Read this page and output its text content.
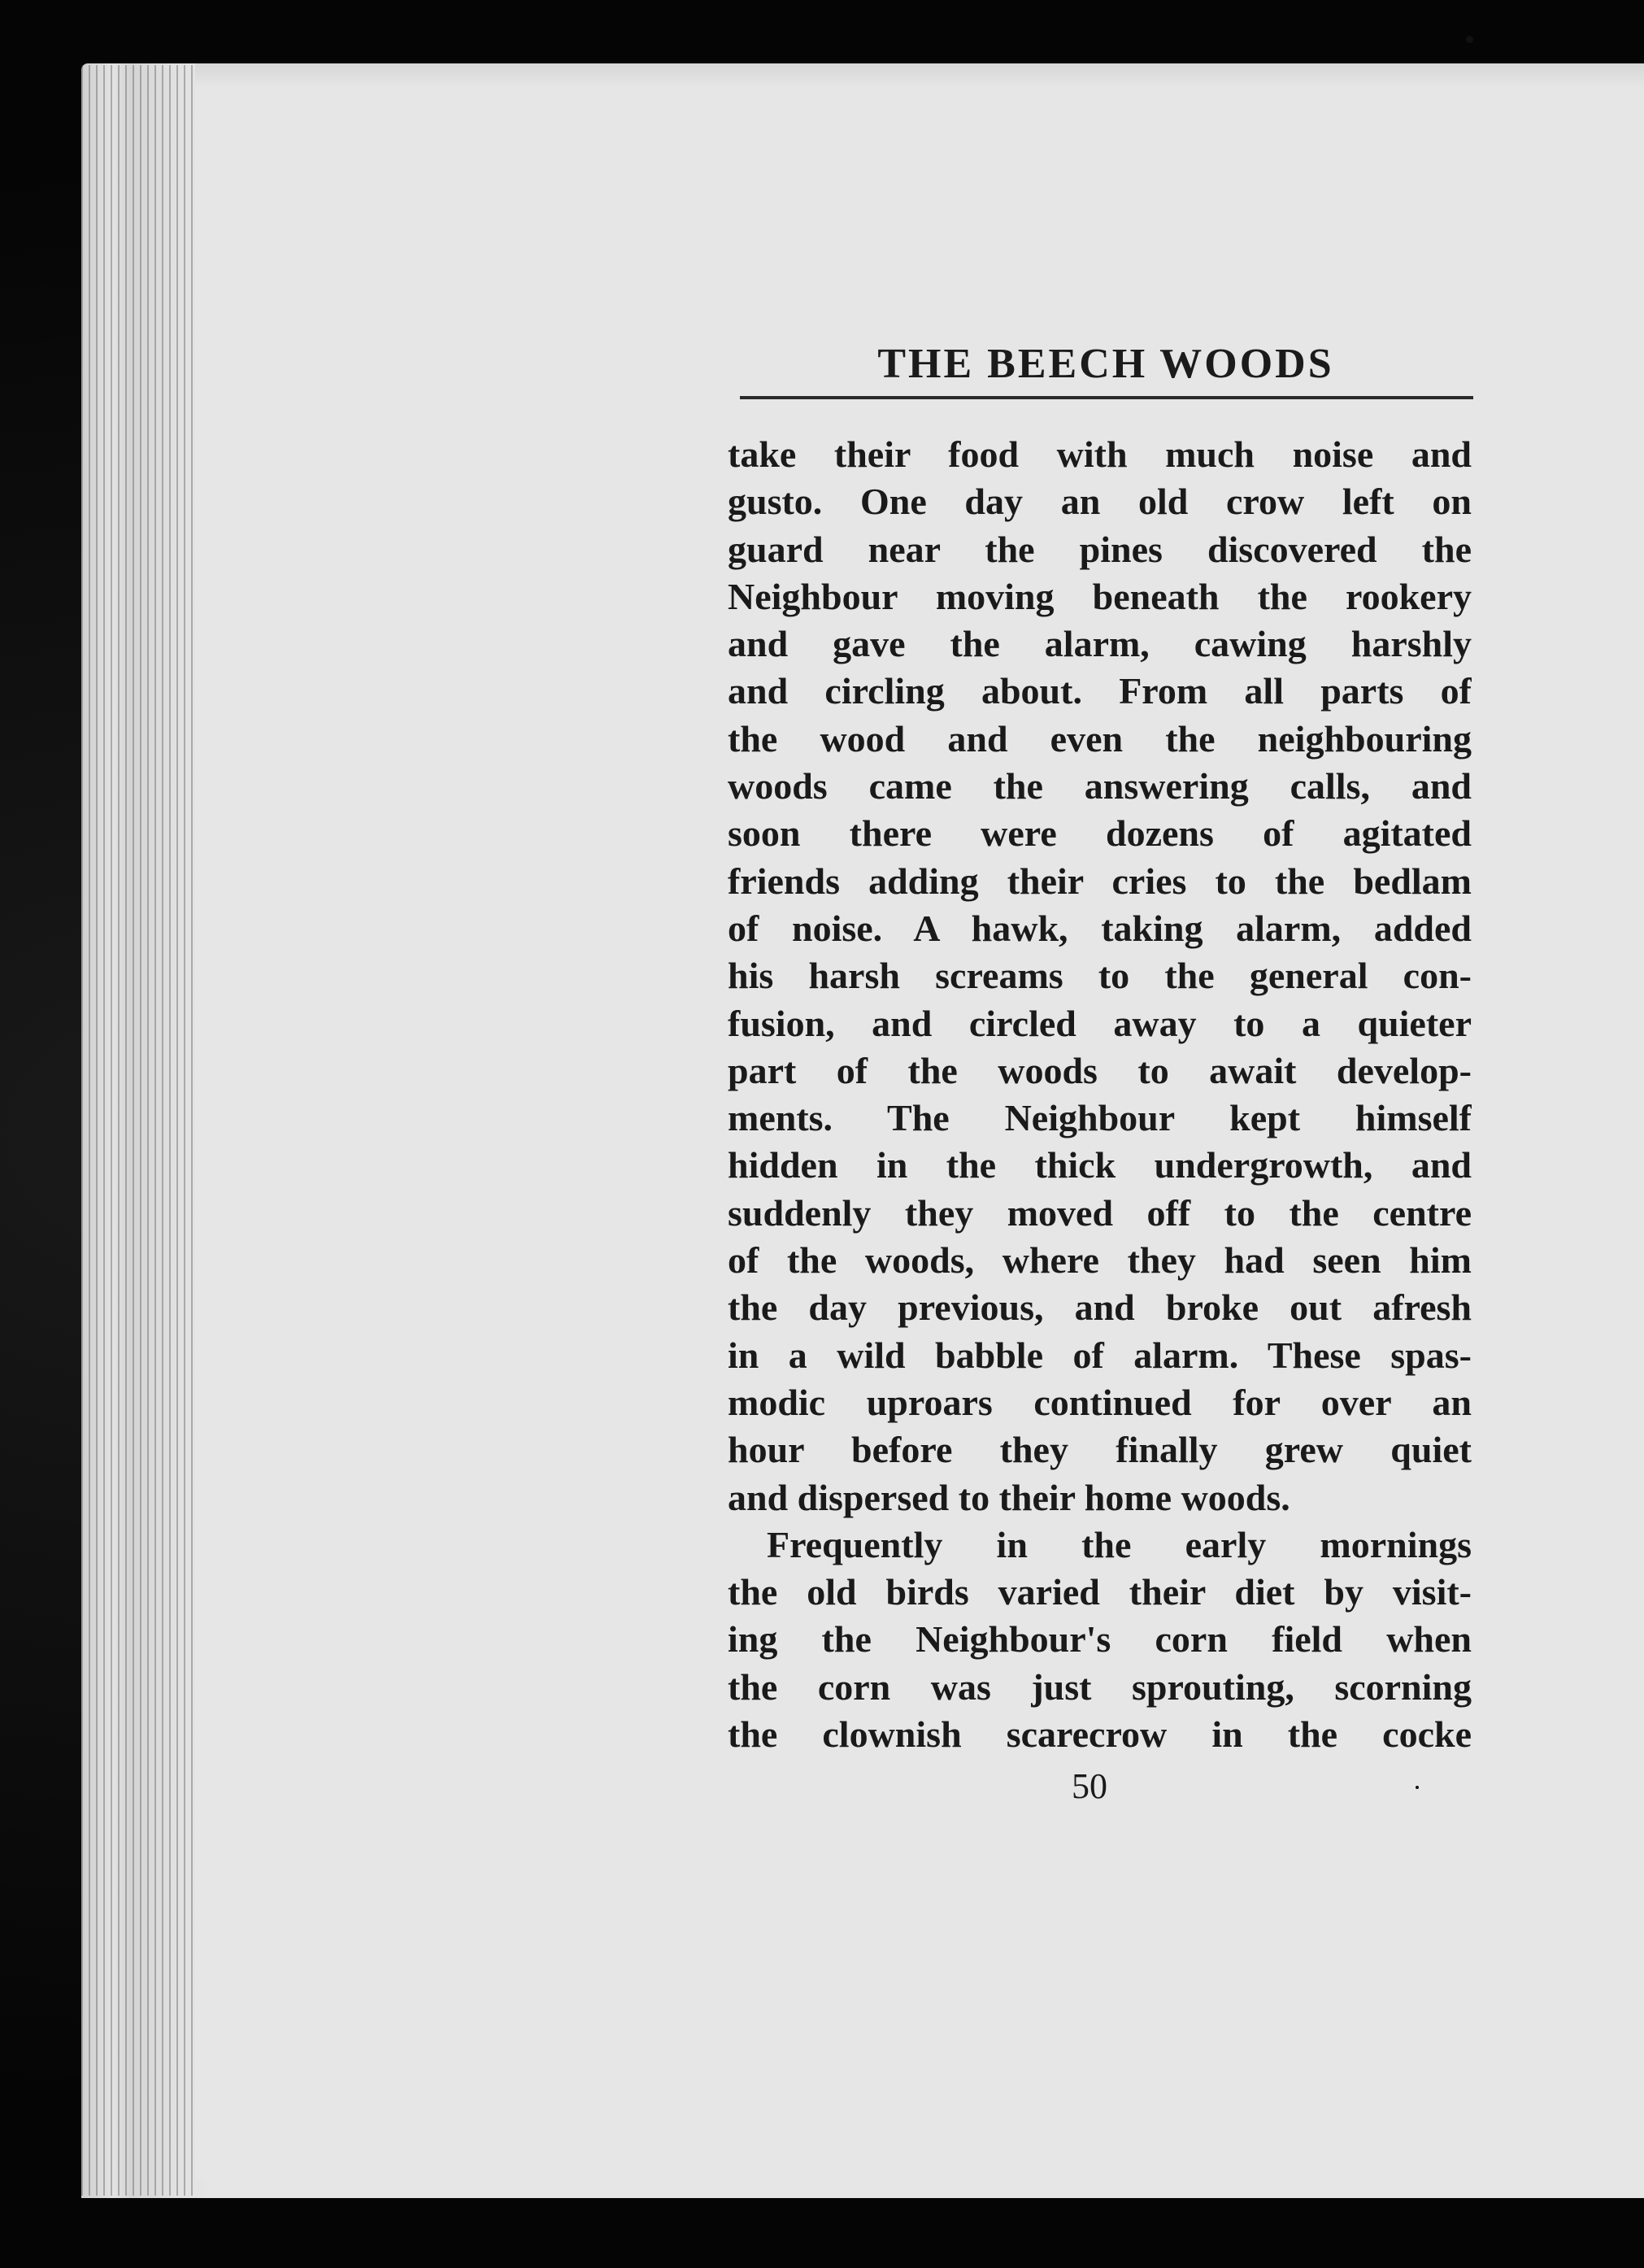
THE BEECH WOODS
take their food with much noise and
gusto. One day an old crow left on
guard near the pines discovered the
Neighbour moving beneath the rookery
and gave the alarm, cawing harshly
and circling about. From all parts of
the wood and even the neighbouring
woods came the answering calls, and
soon there were dozens of agitated
friends adding their cries to the bedlam
of noise. A hawk, taking alarm, added
his harsh screams to the general con-
fusion, and circled away to a quieter
part of the woods to await develop-
ments. The Neighbour kept himself
hidden in the thick undergrowth, and
suddenly they moved off to the centre
of the woods, where they had seen him
the day previous, and broke out afresh
in a wild babble of alarm. These spas-
modic uproars continued for over an
hour before they finally grew quiet
and dispersed to their home woods.
Frequently in the early mornings
the old birds varied their diet by visit-
ing the Neighbour's corn field when
the corn was just sprouting, scorning
the clownish scarecrow in the cocke

50
